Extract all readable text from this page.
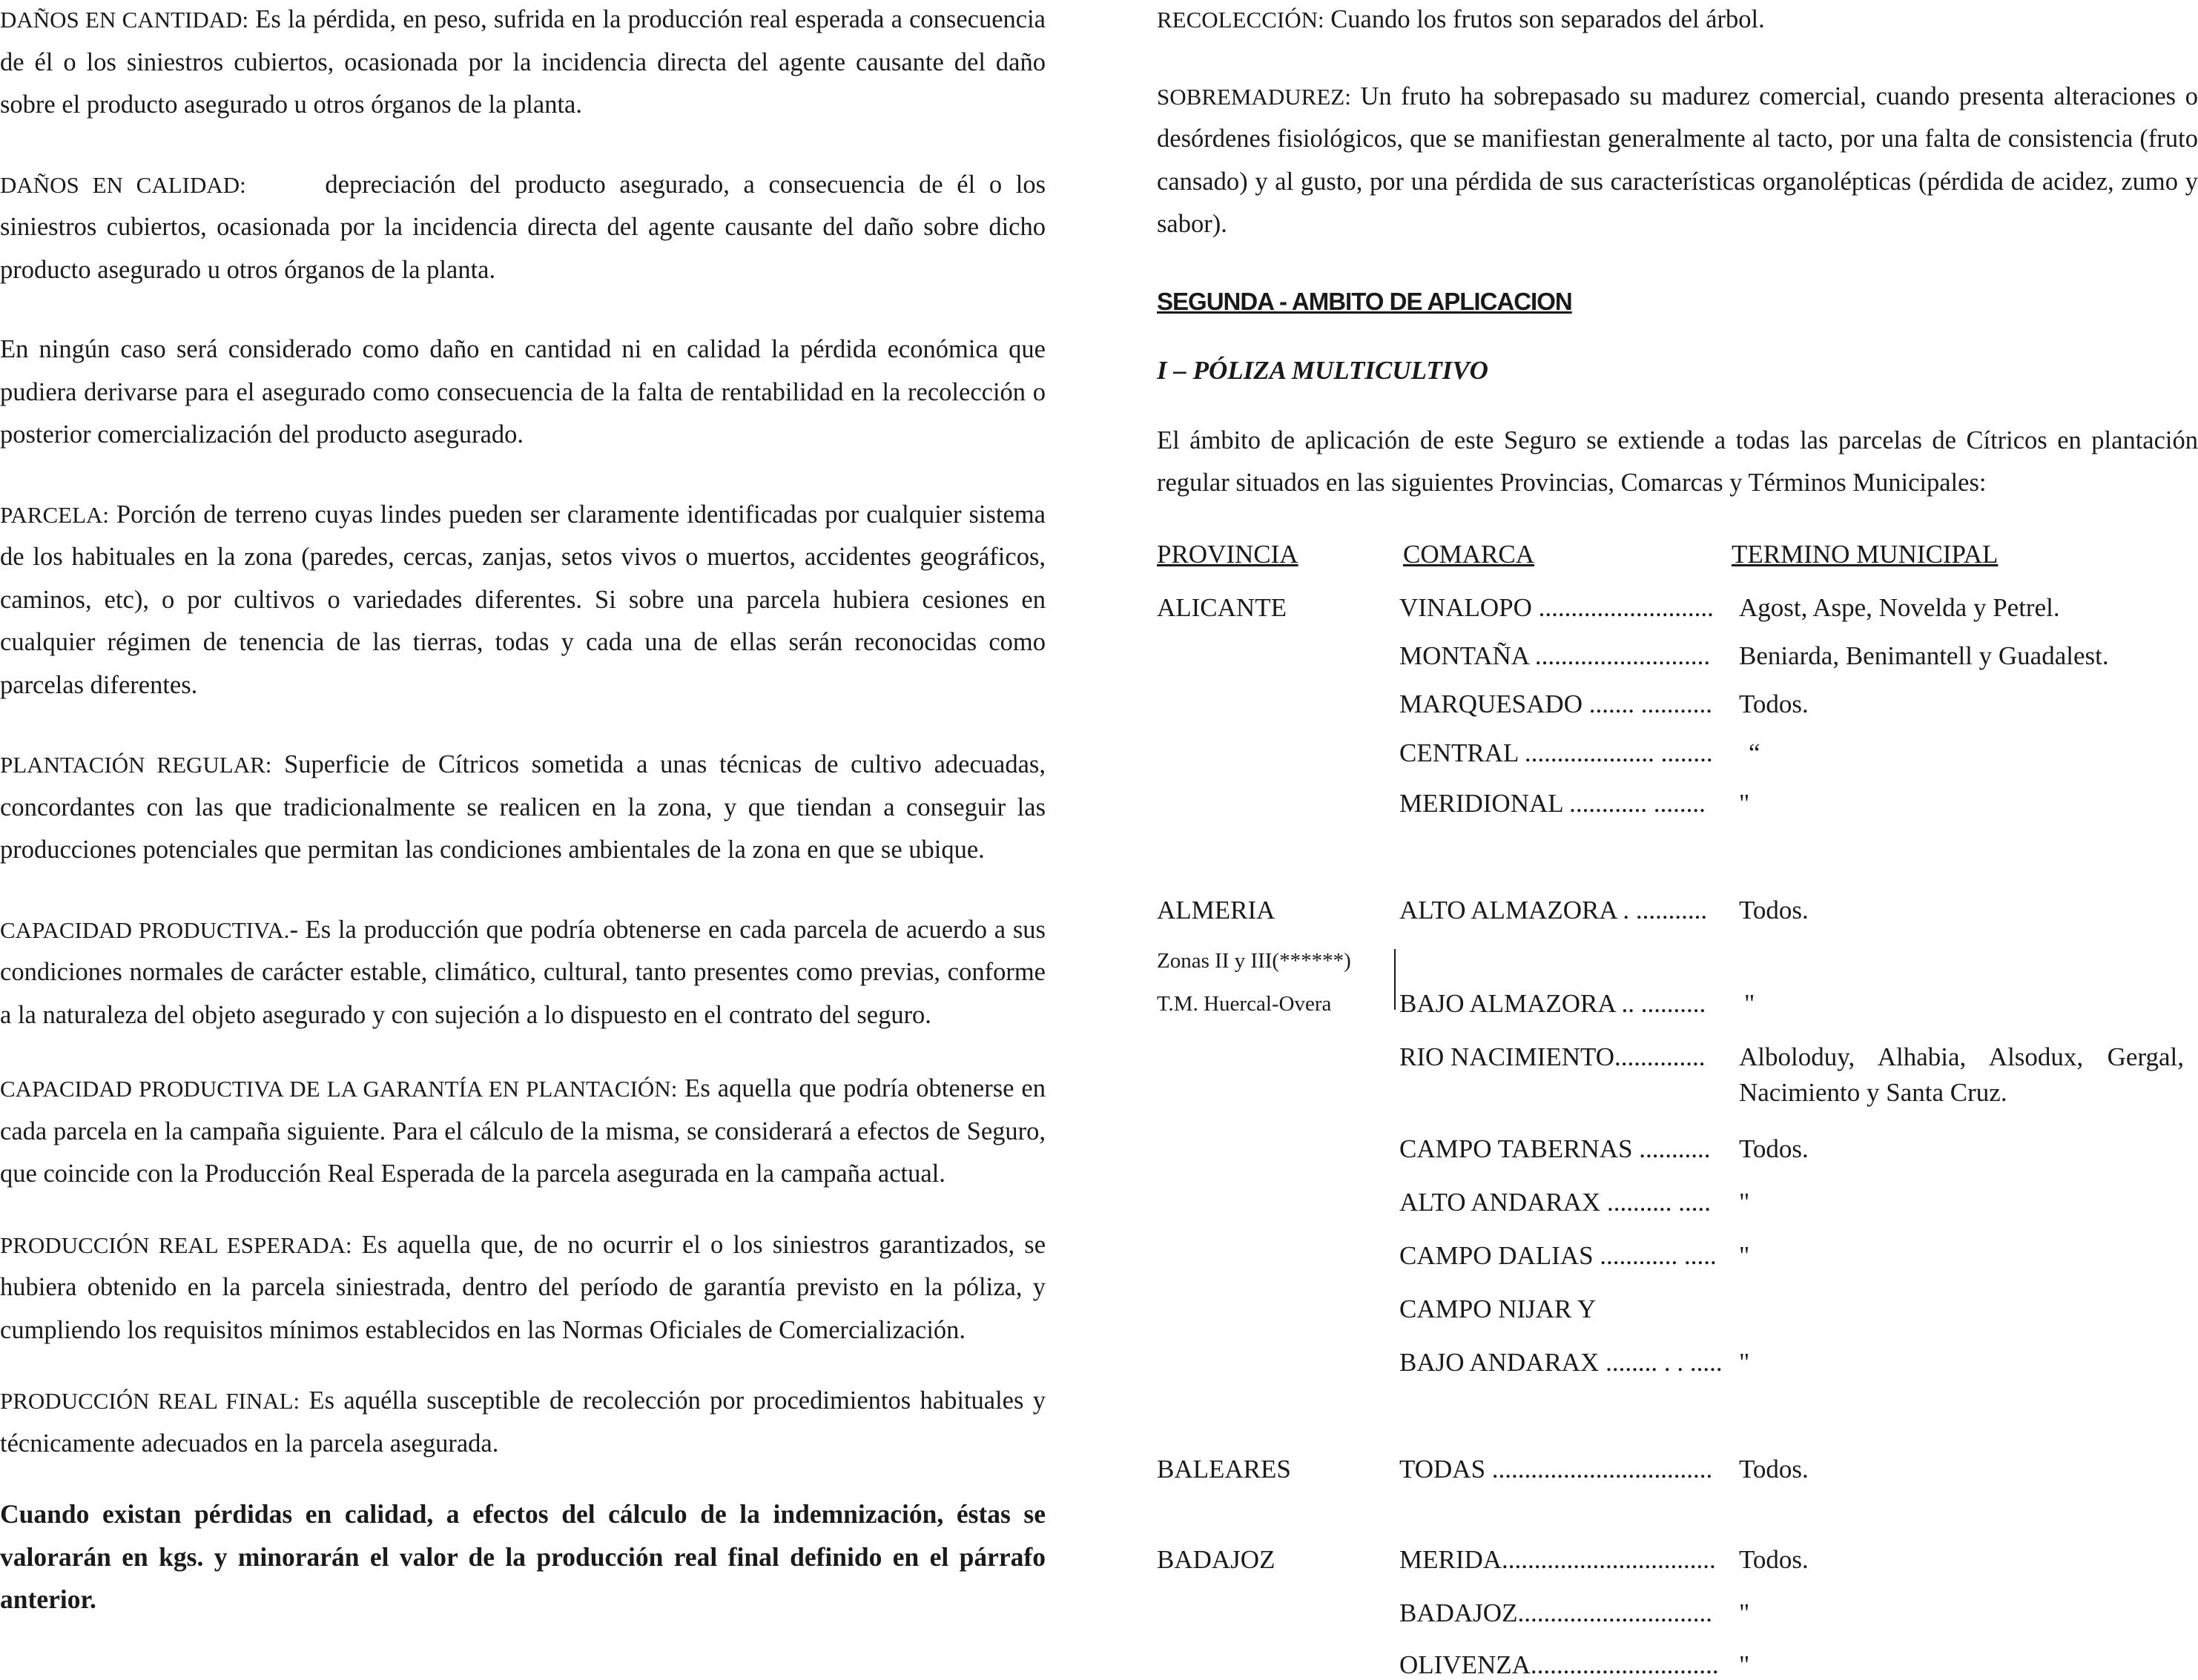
DAÑOS EN CANTIDAD: Es la pérdida, en peso, sufrida en la producción real esperada a consecuencia de él o los siniestros cubiertos, ocasionada por la incidencia directa del agente causante del daño sobre el producto asegurado u otros órganos de la planta.

DAÑOS EN CALIDAD:	depreciación del producto asegurado, a consecuencia de él o los siniestros cubiertos, ocasionada por la incidencia directa del agente causante del daño sobre dicho producto asegurado u otros órganos de la planta.

En ningún caso será considerado como daño en cantidad ni en calidad la pérdida económica que pudiera derivarse para el asegurado como consecuencia de la falta de rentabilidad en la recolección o posterior comercialización del producto asegurado.

PARCELA: Porción de terreno cuyas lindes pueden ser claramente identificadas por cualquier sistema de los habituales en la zona (paredes, cercas, zanjas, setos vivos o muertos, accidentes geográficos, caminos, etc), o por cultivos o variedades diferentes. Si sobre una parcela hubiera cesiones en cualquier régimen de tenencia de las tierras, todas y cada una de ellas serán reconocidas como parcelas diferentes.

PLANTACIÓN REGULAR: Superficie de Cítricos sometida a unas técnicas de cultivo adecuadas, concordantes con las que tradicionalmente se realicen en la zona, y que tiendan a conseguir las producciones potenciales que permitan las condiciones ambientales de la zona en que se ubique.

CAPACIDAD PRODUCTIVA.- Es la producción que podría obtenerse en cada parcela de acuerdo a sus condiciones normales de carácter estable, climático, cultural, tanto presentes como previas, conforme a la naturaleza del objeto asegurado y con sujeción a lo dispuesto en el contrato del seguro.

CAPACIDAD PRODUCTIVA DE LA GARANTÍA EN PLANTACIÓN: Es aquella que podría obtenerse en cada parcela en la campaña siguiente. Para el cálculo de la misma, se considerará a efectos de Seguro, que coincide con la Producción Real Esperada de la parcela asegurada en la campaña actual.

PRODUCCIÓN REAL ESPERADA: Es aquella que, de no ocurrir el o los siniestros garantizados, se hubiera obtenido en la parcela siniestrada, dentro del período de garantía previsto en la póliza, y cumpliendo los requisitos mínimos establecidos en las Normas Oficiales de Comercialización.

PRODUCCIÓN REAL FINAL: Es aquélla susceptible de recolección por procedimientos habituales y técnicamente adecuados en la parcela asegurada.

Cuando existan pérdidas en calidad, a efectos del cálculo de la indemnización, éstas se valorarán en kgs. y minorarán el valor de la producción real final definido en el párrafo anterior.

RECOLECCIÓN: Cuando los frutos son separados del árbol.

SOBREMADUREZ: Un fruto ha sobrepasado su madurez comercial, cuando presenta alteraciones o desórdenes fisiológicos, que se manifiestan generalmente al tacto, por una falta de consistencia (fruto cansado) y al gusto, por una pérdida de sus características organolépticas (pérdida de acidez, zumo y sabor).

SEGUNDA - AMBITO DE APLICACION

I – PÓLIZA MULTICULTIVO

El ámbito de aplicación de este Seguro se extiende a todas las parcelas de Cítricos en plantación regular situados en las siguientes Provincias, Comarcas y Términos Municipales:

PROVINCIA	COMARCA	TERMINO MUNICIPAL
ALICANTE	VINALOPO ........................... Agost, Aspe, Novelda y Petrel.
MONTAÑA ........................... Beniarda, Benimantell y Guadalest.
MARQUESADO ....... ........... Todos.
CENTRAL .................... ........ “
MERIDIONAL ............ ........ "
ALMERIA	ALTO ALMAZORA . ........... Todos.
Zonas II y III(******)
T.M. Huercal-Overa	BAJO ALMAZORA .. .......... "
RIO NACIMIENTO.............. Alboloduy, Alhabia, Alsodux, Gergal,
Nacimiento y Santa Cruz.
CAMPO TABERNAS ........... Todos.
ALTO ANDARAX .......... ..... "
CAMPO DALIAS ............ ..... "
CAMPO NIJAR Y
BAJO ANDARAX ........ . . ..... "
BALEARES	TODAS .................................. Todos.
BADAJOZ	MERIDA................................. Todos.
BADAJOZ.............................. "
OLIVENZA............................. "
